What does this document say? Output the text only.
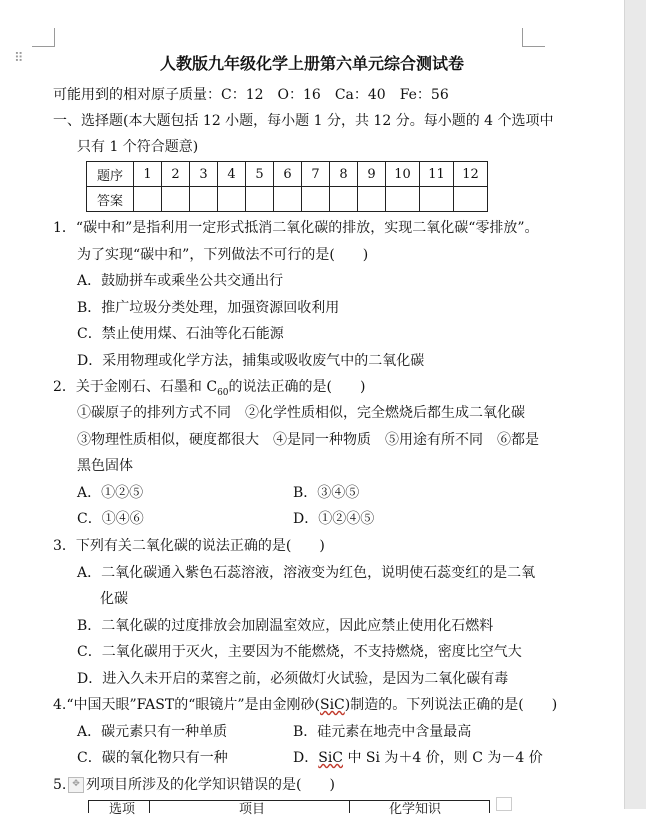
⠿	人教版九年级化学上册第六单元综合测试卷
可能用到的相对原子质量：C：12　O：16　Ca：40　Fe：56
一、选择题(本大题包括 12 小题，每小题 1 分，共 12 分。每小题的 4 个选项中
只有 1 个符合题意)
题序	1	2	3	4	5	6	7	8	9	10	11	12
答案												
1．“碳中和”是指利用一定形式抵消二氧化碳的排放，实现二氧化碳“零排放”。
为了实现“碳中和”，下列做法不可行的是(　　)
A．鼓励拼车或乘坐公共交通出行
B．推广垃圾分类处理，加强资源回收利用
C．禁止使用煤、石油等化石能源
D．采用物理或化学方法，捕集或吸收废气中的二氧化碳
2．关于金刚石、石墨和 $C_{60}$的说法正确的是(　　)
①碳原子的排列方式不同　②化学性质相似，完全燃烧后都生成二氧化碳
③物理性质相似，硬度都很大　④是同一种物质　⑤用途有所不同　⑥都是
黑色固体
A．①②⑤	B．③④⑤
C．①④⑥	D．①②④⑤
3．下列有关二氧化碳的说法正确的是(　　)
A．二氧化碳通入紫色石蕊溶液，溶液变为红色，说明使石蕊变红的是二氧
化碳
B．二氧化碳的过度排放会加剧温室效应，因此应禁止使用化石燃料
C．二氧化碳用于灭火，主要因为不能燃烧，不支持燃烧，密度比空气大
D．进入久未开启的菜窖之前，必须做灯火试验，是因为二氧化碳有毒
4.“中国天眼”FAST的“眼镜片”是由金刚砂(SiC)制造的。下列说法正确的是(　　)
A．碳元素只有一种单质	B．硅元素在地壳中含量最高
C．碳的氧化物只有一种	D．SiC 中 Si 为＋4 价，则 C 为－4 价
5. ✥ 列项目所涉及的化学知识错误的是(　　)
选项	项目	化学知识
